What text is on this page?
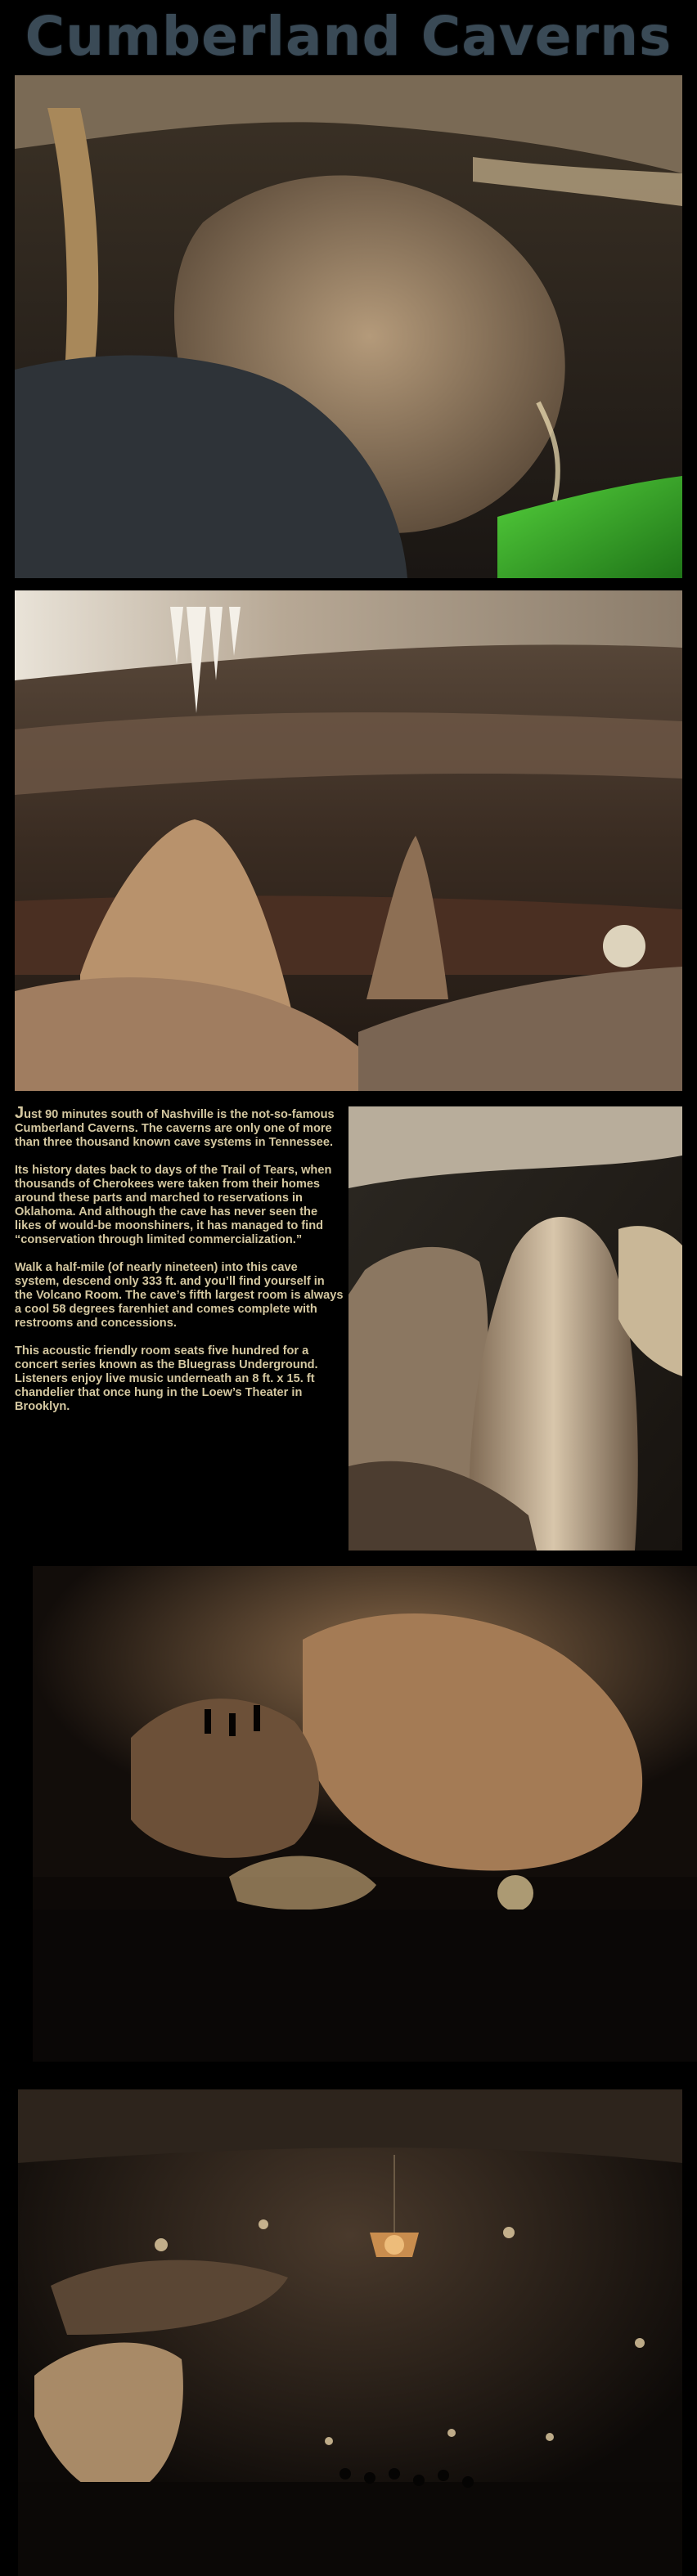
Cumberland Caverns

Just 90 minutes south of Nashville is the not-so-famous Cumberland Caverns. The caverns are only one of more than three thousand known cave systems in Tennessee.

Its history dates back to days of the Trail of Tears, when thousands of Cherokees were taken from their homes around these parts and marched to reservations in Oklahoma. And although the cave has never seen the likes of would-be moonshiners, it has managed to find “conservation through limited commercialization.”

Walk a half-mile (of nearly nineteen) into this cave system, descend only 333 ft. and you’ll find yourself in the Volcano Room. The cave’s fifth largest room is always a cool 58 degrees farenhiet and comes complete with restrooms and concessions.

This acoustic friendly room seats five hundred for a concert series known as the Bluegrass Underground. Listeners enjoy live music underneath an 8 ft. x 15. ft chandelier that once hung in the Loew’s Theater in Brooklyn.
